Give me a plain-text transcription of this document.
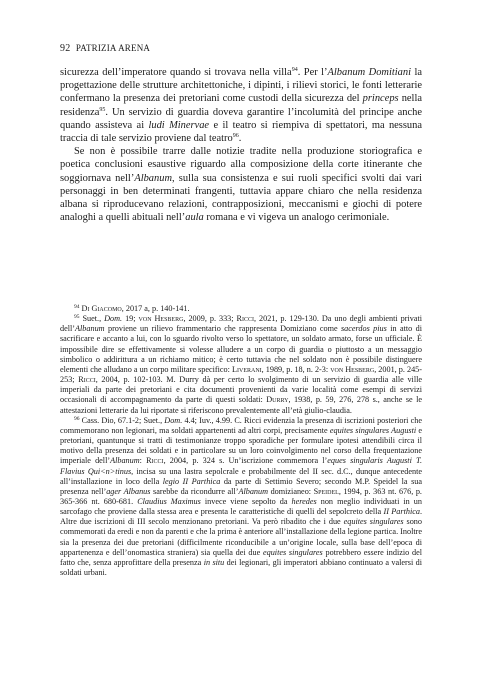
92 PATRIZIA ARENA

sicurezza dell’imperatore quando si trovava nella villa$^{94}$. Per l’Albanum Domitiani la progettazione delle strutture architettoniche, i dipinti, i rilievi storici, le fonti letterarie confermano la presenza dei pretoriani come custodi della sicurezza del princeps nella residenza$^{95}$. Un servizio di guardia doveva garantire l’incolumità del principe anche quando assisteva ai ludi Minervae e il teatro si riempiva di spettatori, ma nessuna traccia di tale servizio proviene dal teatro$^{96}$.

Se non è possibile trarre dalle notizie tradite nella produzione storiografica e poetica conclusioni esaustive riguardo alla composizione della corte itinerante che soggiornava nell’Albanum, sulla sua consistenza e sui ruoli specifici svolti dai vari personaggi in ben determinati frangenti, tuttavia appare chiaro che nella residenza albana si riproducevano relazioni, contrapposizioni, meccanismi e giochi di potere analoghi a quelli abituali nell’aula romana e vi vigeva un analogo cerimoniale.

$^{94}$ Di Giacomo, 2017 a, p. 140-141.

$^{95}$ Suet., Dom. 19; von Hesberg, 2009, p. 333; Ricci, 2021, p. 129-130. Da uno degli ambienti privati dell’Albanum proviene un rilievo frammentario che rappresenta Domiziano come sacerdos pius in atto di sacrificare e accanto a lui, con lo sguardo rivolto verso lo spettatore, un soldato armato, forse un ufficiale. È impossibile dire se effettivamente si volesse alludere a un corpo di guardia o piuttosto a un messaggio simbolico o addirittura a un richiamo mitico; è certo tuttavia che nel soldato non è possibile distinguere elementi che alludano a un corpo militare specifico: Liverani, 1989, p. 18, n. 2-3: von Hesberg, 2001, p. 245-253; Ricci, 2004, p. 102-103. M. Durry dà per certo lo svolgimento di un servizio di guardia alle ville imperiali da parte dei pretoriani e cita documenti provenienti da varie località come esempi di servizi occasionali di accompagnamento da parte di questi soldati: Durry, 1938, p. 59, 276, 278 s., anche se le attestazioni letterarie da lui riportate si riferiscono prevalentemente all’età giulio-claudia.

$^{96}$ Cass. Dio, 67.1-2; Suet., Dom. 4.4; Iuv., 4.99. C. Ricci evidenzia la presenza di iscrizioni posteriori che commemorano non legionari, ma soldati appartenenti ad altri corpi, precisamente equites singulares Augusti e pretoriani, quantunque si tratti di testimonianze troppo sporadiche per formulare ipotesi attendibili circa il motivo della presenza dei soldati e in particolare su un loro coinvolgimento nel corso della frequentazione imperiale dell’Albanum: Ricci, 2004, p. 324 s. Un’iscrizione commemora l’eques singularis Augusti T. Flavius Qui<n>tinus, incisa su una lastra sepolcrale e probabilmente del II sec. d.C., dunque antecedente all’installazione in loco della legio II Parthica da parte di Settimio Severo; secondo M.P. Speidel la sua presenza nell’ager Albanus sarebbe da ricondurre all’Albanum domizianeo: Speidel, 1994, p. 363 nt. 676, p. 365-366 nt. 680-681. Claudius Maximus invece viene sepolto da heredes non meglio individuati in un sarcofago che proviene dalla stessa area e presenta le caratteristiche di quelli del sepolcreto della II Parthica. Altre due iscrizioni di III secolo menzionano pretoriani. Va però ribadito che i due equites singulares sono commemorati da eredi e non da parenti e che la prima è anteriore all’installazione della legione partica. Inoltre sia la presenza dei due pretoriani (difficilmente riconducibile a un’origine locale, sulla base dell’epoca di appartenenza e dell’onomastica straniera) sia quella dei due equites singulares potrebbero essere indizio del fatto che, senza approfittare della presenza in situ dei legionari, gli imperatori abbiano continuato a valersi di soldati urbani.
